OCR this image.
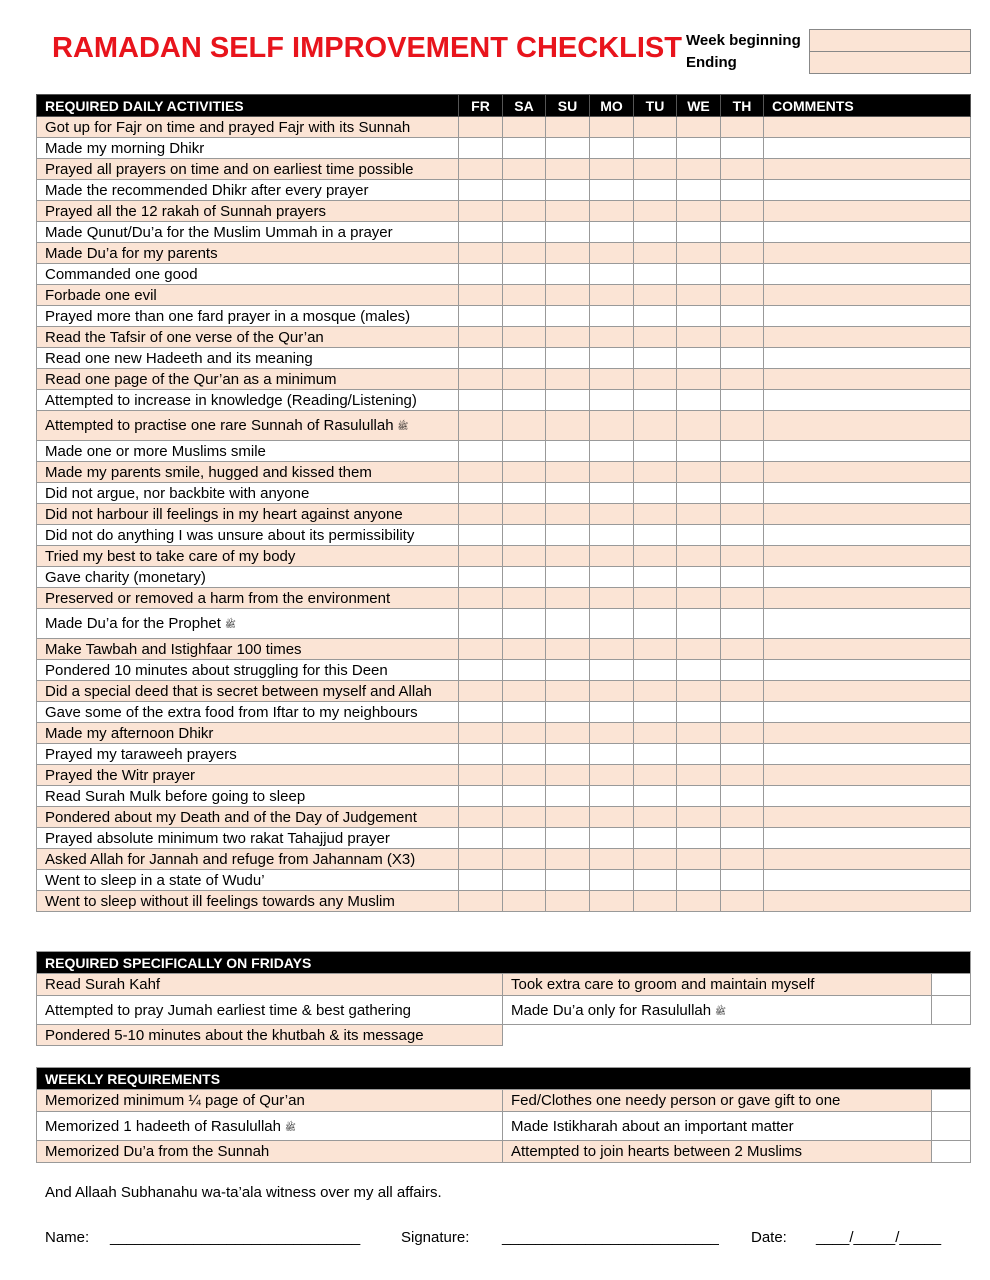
RAMADAN SELF IMPROVEMENT CHECKLIST Week beginning
Ending
REQUIRED DAILY ACTIVITIES	FR	SA	SU	MO	TU	WE	TH	COMMENTS
Got up for Fajr on time and prayed Fajr with its Sunnah								
Made my morning Dhikr								
Prayed all prayers on time and on earliest time possible								
Made the recommended Dhikr after every prayer								
Prayed all the 12 rakah of Sunnah prayers								
Made Qunut/Du’a for the Muslim Ummah in a prayer								
Made Du’a for my parents								
Commanded one good								
Forbade one evil								
Prayed more than one fard prayer in a mosque (males)								
Read the Tafsir of one verse of the Qur’an								
Read one new Hadeeth and its meaning								
Read one page of the Qur’an as a minimum								
Attempted to increase in knowledge (Reading/Listening)								
Attempted to practise one rare Sunnah of Rasulullah ﷺ								
Made one or more Muslims smile								
Made my parents smile, hugged and kissed them								
Did not argue, nor backbite with anyone								
Did not harbour ill feelings in my heart against anyone								
Did not do anything I was unsure about its permissibility								
Tried my best to take care of my body								
Gave charity (monetary)								
Preserved or removed a harm from the environment								
Made Du’a for the Prophet ﷺ								
Make Tawbah and Istighfaar 100 times								
Pondered 10 minutes about struggling for this Deen								
Did a special deed that is secret between myself and Allah								
Gave some of the extra food from Iftar to my neighbours								
Made my afternoon Dhikr								
Prayed my taraweeh prayers								
Prayed the Witr prayer								
Read Surah Mulk before going to sleep								
Pondered about my Death and of the Day of Judgement								
Prayed absolute minimum two rakat Tahajjud prayer								
Asked Allah for Jannah and refuge from Jahannam (X3)								
Went to sleep in a state of Wudu’								
Went to sleep without ill feelings towards any Muslim								
REQUIRED SPECIFICALLY ON FRIDAYS		
Read Surah Kahf	Took extra care to groom and maintain myself	
Attempted to pray Jumah earliest time & best gathering	Made Du’a only for Rasulullah ﷺ	
Pondered 5-10 minutes about the khutbah & its message		
WEEKLY REQUIREMENTS		
Memorized minimum ¼ page of Qur’an	Fed/Clothes one needy person or gave gift to one	
Memorized 1 hadeeth of Rasulullah ﷺ	Made Istikharah about an important matter	
Memorized Du’a from the Sunnah	Attempted to join hearts between 2 Muslims	
And Allaah Subhanahu wa-ta’ala witness over my all affairs.
Name: ______________________________	Signature: __________________________ Date: ____/_____/_____
